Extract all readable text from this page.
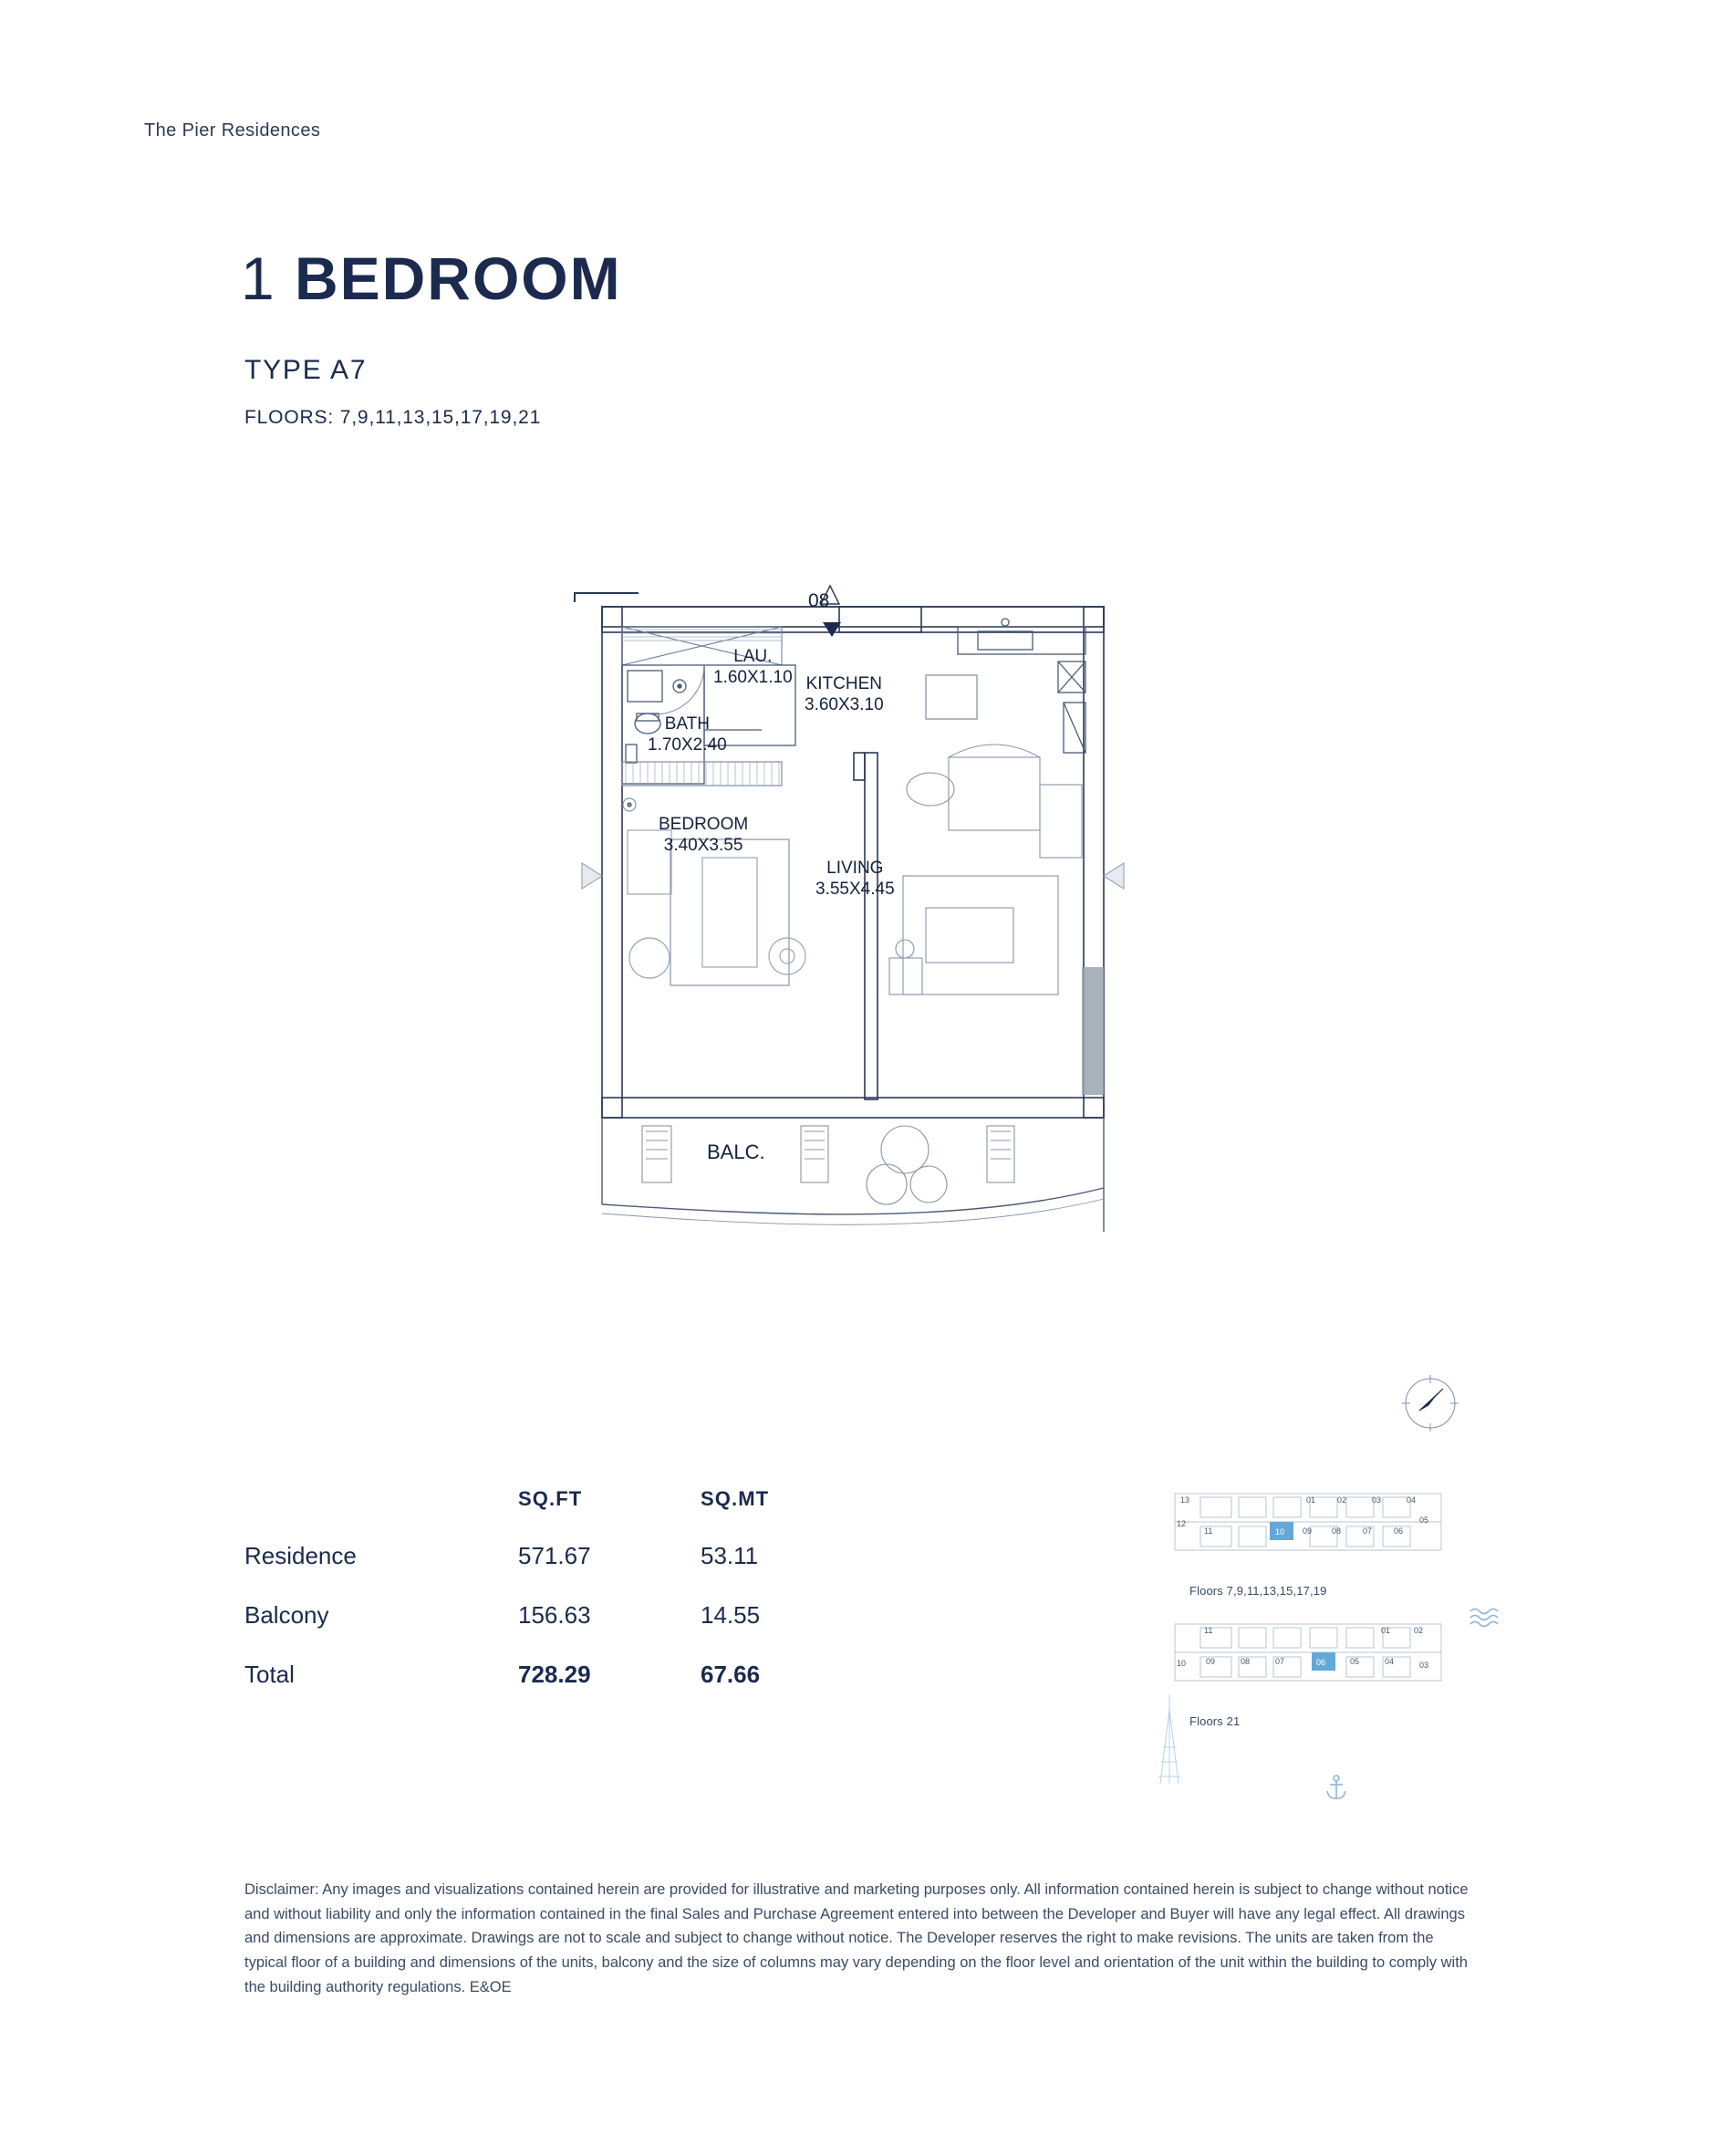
The Pier Residences
1 BEDROOM
TYPE A7
FLOORS: 7,9,11,13,15,17,19,21
LAU.
1.60X1.10
BATH
1.70X2.40
KITCHEN
3.60X3.10
BEDROOM
3.40X3.55
LIVING
3.55X4.45
BALC.
08
	SQ.FT	SQ.MT
Residence	571.67	53.11
Balcony	156.63	14.55
Total	728.29	67.66
13	01	02	03	04
12
11	10 09 08	07	06
05
Floors 7,9,11,13,15,17,19
11	01	02
10 09	08	07	06	05	04	03
Floors 21
Disclaimer: Any images and visualizations contained herein are provided for illustrative and marketing purposes only. All information contained herein is subject to change without notice and without liability and only the information contained in the final Sales and Purchase Agreement entered into between the Developer and Buyer will have any legal effect. All drawings and dimensions are approximate. Drawings are not to scale and subject to change without notice. The Developer reserves the right to make revisions. The units are taken from the typical floor of a building and dimensions of the units, balcony and the size of columns may vary depending on the floor level and orientation of the unit within the building to comply with the building authority regulations. E&OE
